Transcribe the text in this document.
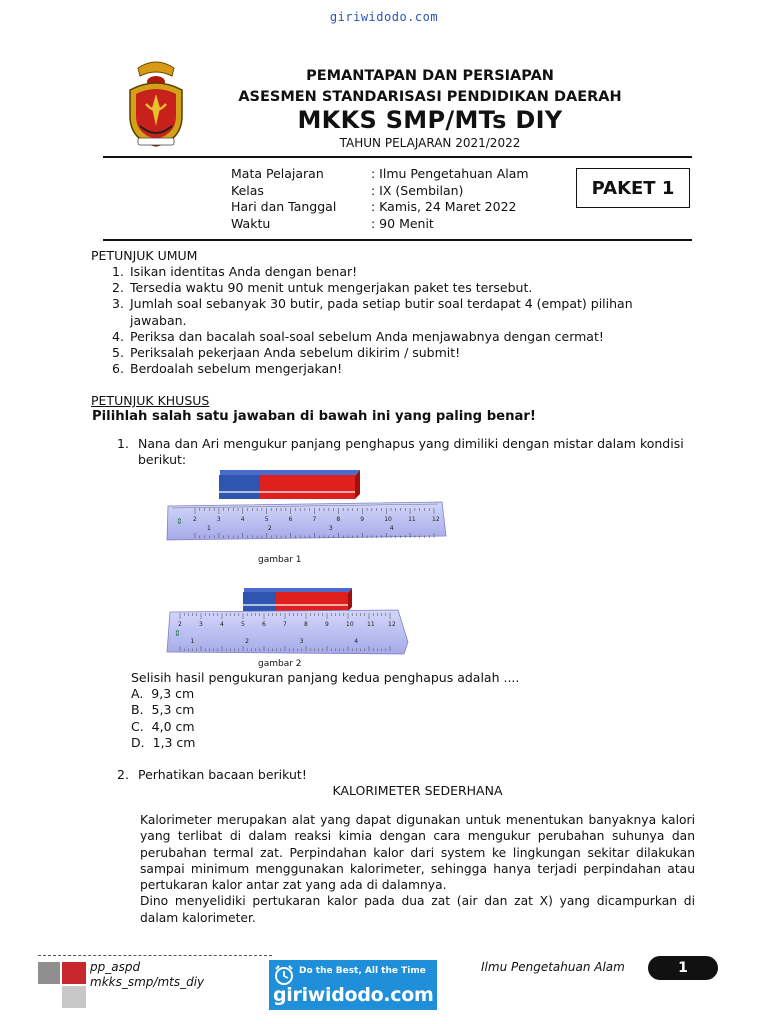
giriwidodo.com
PEMANTAPAN DAN PERSIAPAN
ASESMEN STANDARISASI PENDIDIKAN DAERAH
MKKS SMP/MTs DIY
TAHUN PELAJARAN 2021/2022
Mata Pelajaran	: Ilmu Pengetahuan Alam
Kelas	: IX (Sembilan)
Hari dan Tanggal	: Kamis, 24 Maret 2022
Waktu	: 90 Menit
PAKET 1
PETUNJUK UMUM
1. Isikan identitas Anda dengan benar!
2. Tersedia waktu 90 menit untuk mengerjakan paket tes tersebut.
3. Jumlah soal sebanyak 30 butir, pada setiap butir soal terdapat 4 (empat) pilihan jawaban.
4. Periksa dan bacalah soal-soal sebelum Anda menjawabnya dengan cermat!
5. Periksalah pekerjaan Anda sebelum dikirim / submit!
6. Berdoalah sebelum mengerjakan!
PETUNJUK KHUSUS
Pilihlah salah satu jawaban di bawah ini yang paling benar!
1. Nana dan Ari mengukur panjang penghapus yang dimiliki dengan mistar dalam kondisi berikut:
2	3	4	5	6	7	8	9	10	11	12
1	2	3	4
⇕
gambar 1
2	3	4	5	6	7	8	9	10 11 12
1	2	3	4
⇕
gambar 2
Selisih hasil pengukuran panjang kedua penghapus adalah ....
A. 9,3 cm
B. 5,3 cm
C. 4,0 cm
D. 1,3 cm
2. Perhatikan bacaan berikut!
KALORIMETER SEDERHANA
Kalorimeter merupakan alat yang dapat digunakan untuk menentukan banyaknya kalori yang terlibat di dalam reaksi kimia dengan cara mengukur perubahan suhunya dan perubahan termal zat. Perpindahan kalor dari system ke lingkungan sekitar dilakukan sampai minimum menggunakan kalorimeter, sehingga hanya terjadi perpindahan atau pertukaran kalor antar zat yang ada di dalamnya.
Dino menyelidiki pertukaran kalor pada dua zat (air dan zat X) yang dicampurkan di dalam kalorimeter.
pp_aspd
mkks_smp/mts_diy
Do the Best, All the Time
giriwidodo.com
Ilmu Pengetahuan Alam	1
